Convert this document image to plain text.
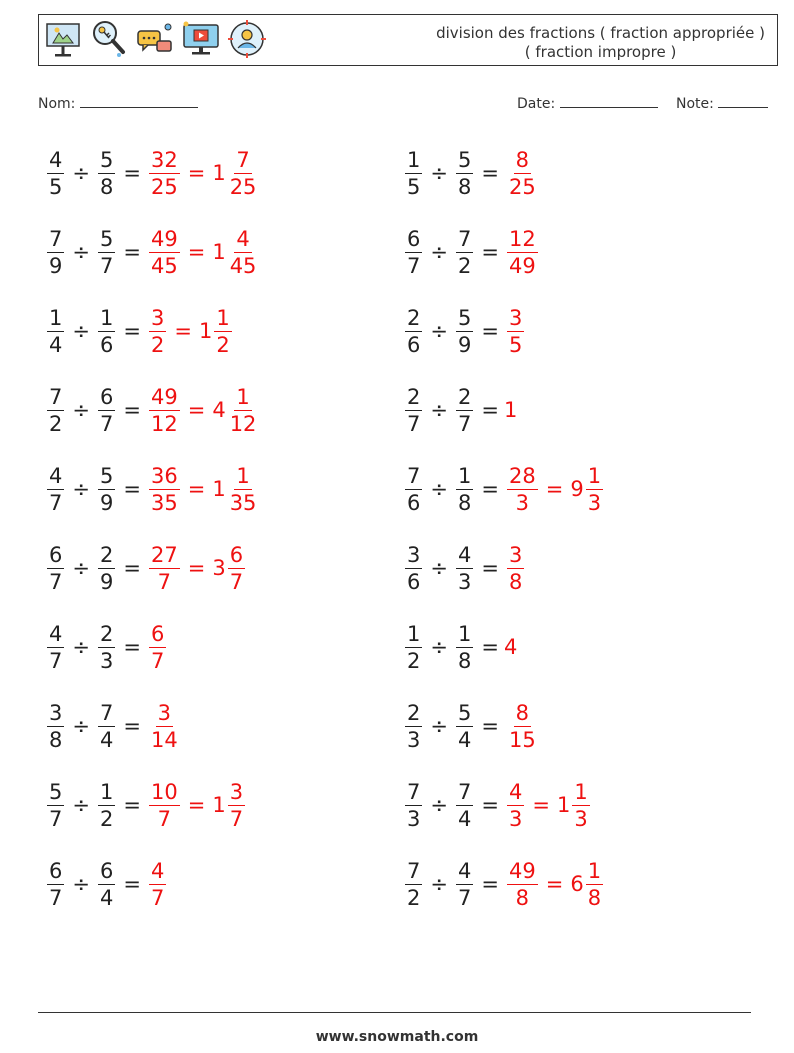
division des fractions ( fraction appropriée )
( fraction impropre )
Nom:	Date:	Note:
$\frac{4}{5} \div \frac{5}{8} = \frac{32}{25} = 1 \frac{7}{25}$
$\frac{7}{9} \div \frac{5}{7} = \frac{49}{45} = 1 \frac{4}{45}$
$\frac{1}{4} \div \frac{1}{6} = \frac{3}{2} = 1 \frac{1}{2}$
$\frac{7}{2} \div \frac{6}{7} = \frac{49}{12} = 4 \frac{1}{12}$
$\frac{4}{7} \div \frac{5}{9} = \frac{36}{35} = 1 \frac{1}{35}$
$\frac{6}{7} \div \frac{2}{9} = \frac{27}{7} = 3 \frac{6}{7}$
$\frac{4}{7} \div \frac{2}{3} = \frac{6}{7}$
$\frac{3}{8} \div \frac{7}{4} = \frac{3}{14}$
$\frac{5}{7} \div \frac{1}{2} = \frac{10}{7} = 1 \frac{3}{7}$
$\frac{6}{7} \div \frac{6}{4} = \frac{4}{7}$
$\frac{1}{5} \div \frac{5}{8} = \frac{8}{25}$
$\frac{6}{7} \div \frac{7}{2} = \frac{12}{49}$
$\frac{2}{6} \div \frac{5}{9} = \frac{3}{5}$
$\frac{2}{7} \div \frac{2}{7} = 1$
$\frac{7}{6} \div \frac{1}{8} = \frac{28}{3} = 9 \frac{1}{3}$
$\frac{3}{6} \div \frac{4}{3} = \frac{3}{8}$
$\frac{1}{2} \div \frac{1}{8} = 4$
$\frac{2}{3} \div \frac{5}{4} = \frac{8}{15}$
$\frac{7}{3} \div \frac{7}{4} = \frac{4}{3} = 1 \frac{1}{3}$
$\frac{7}{2} \div \frac{4}{7} = \frac{49}{8} = 6 \frac{1}{8}$
www.snowmath.com
